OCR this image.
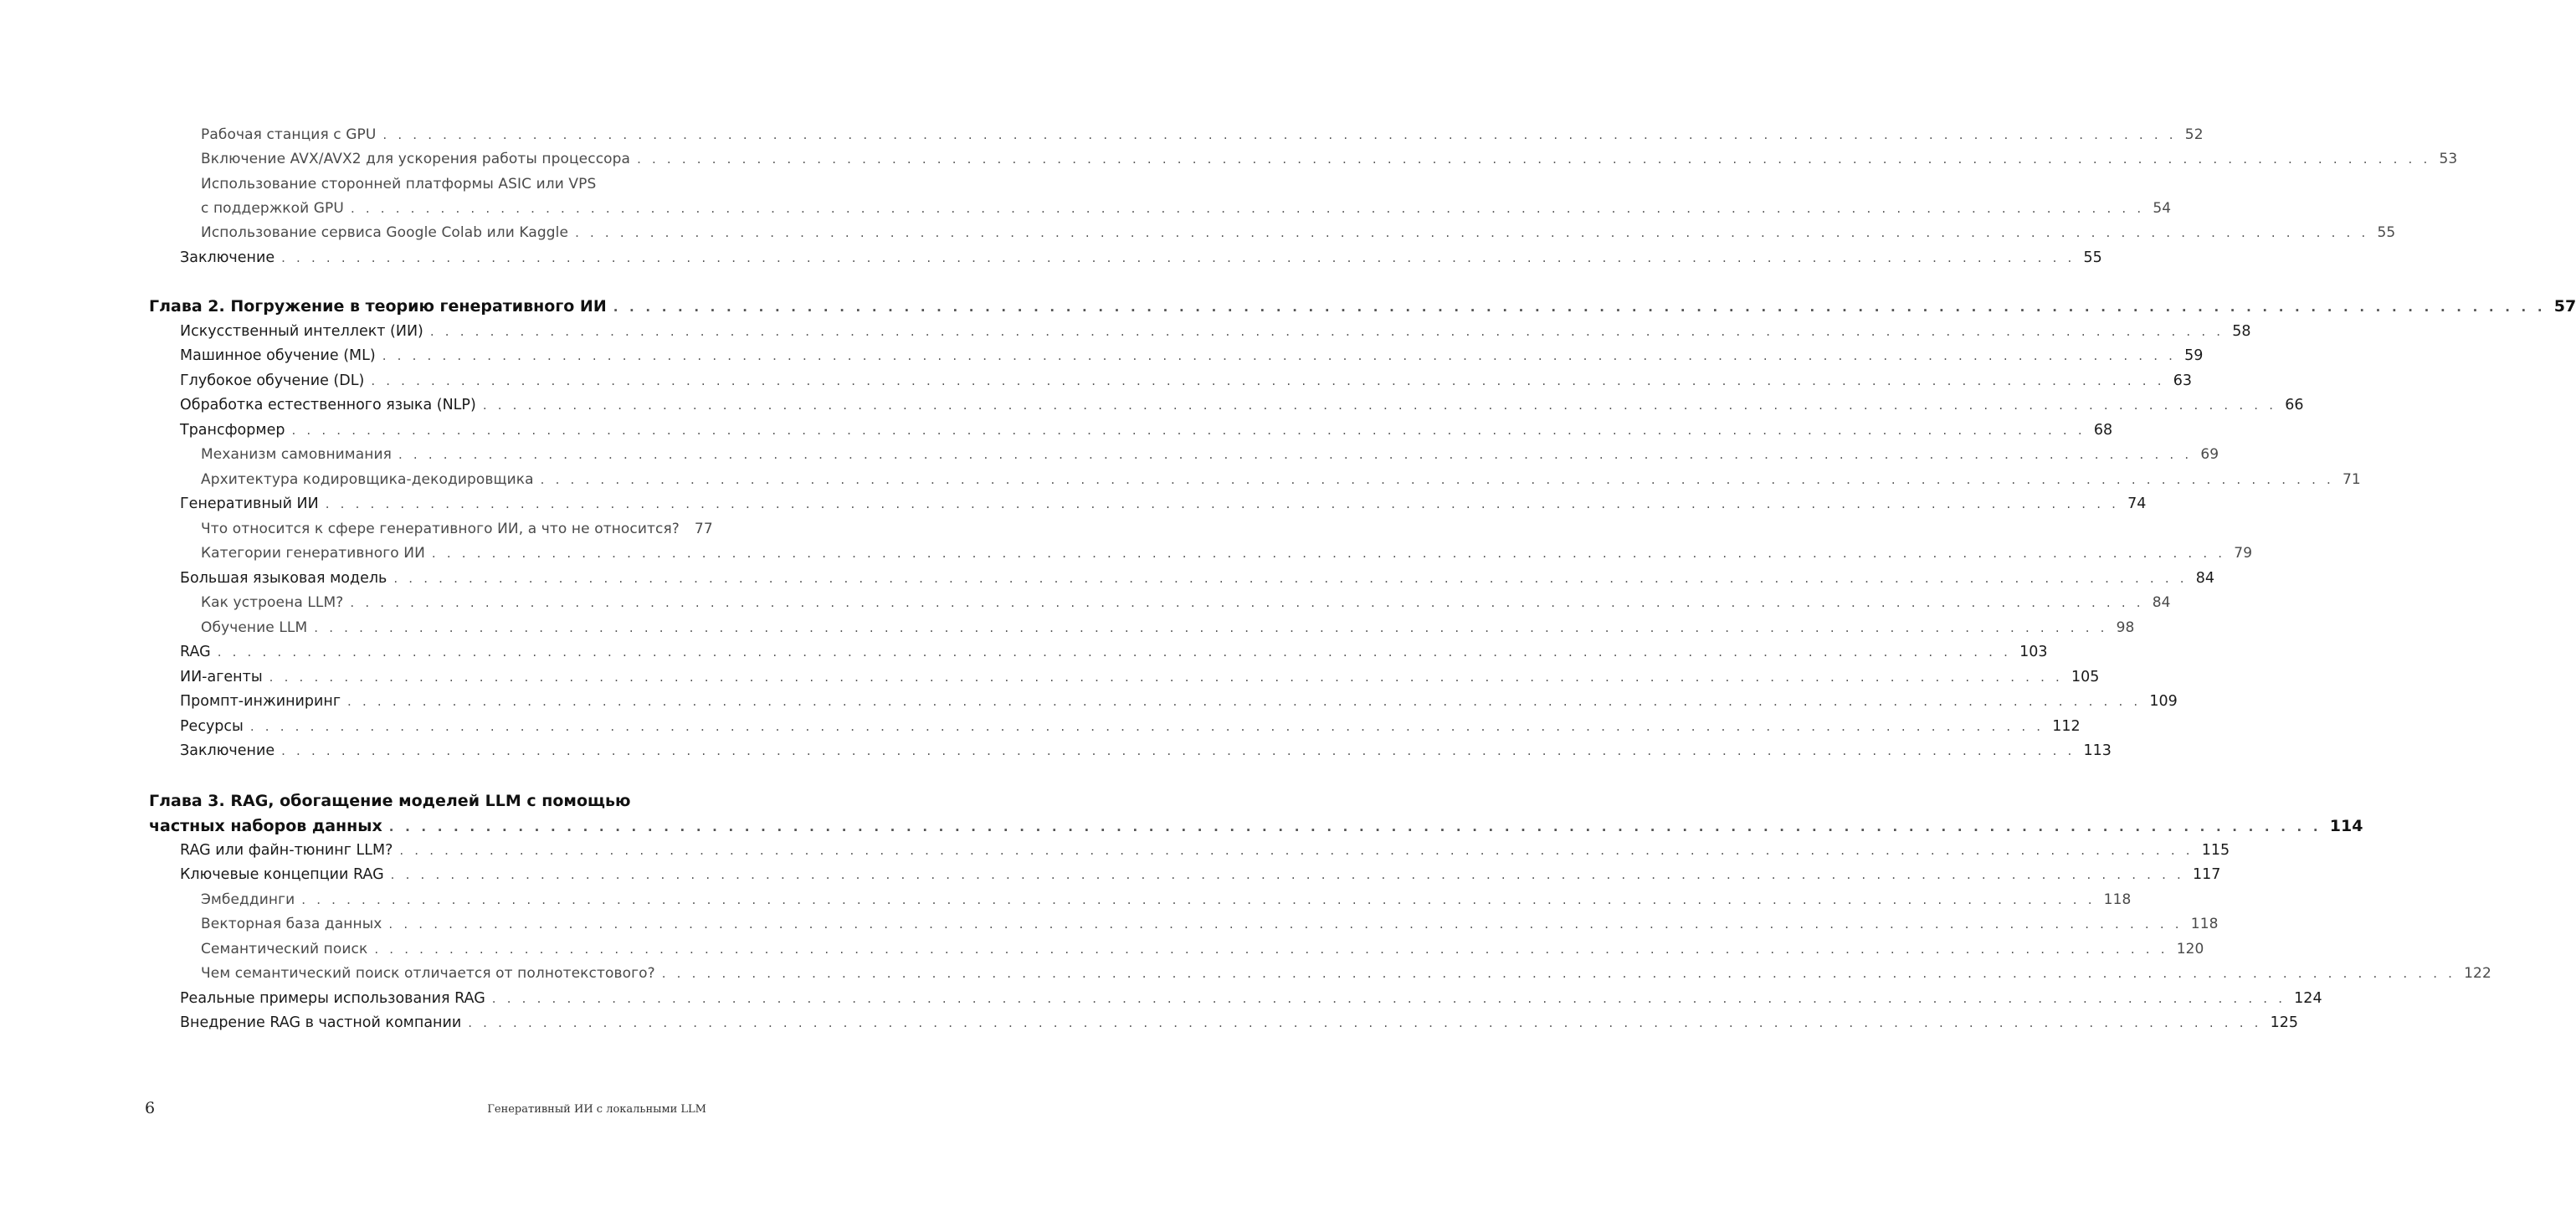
Рабочая станция с GPU . . . . . . . . . . . . . . . . . . . . . . . . . . . . . . . . . . . . . . . . . . . . . . . . . . . . . . . . . . . . . . . . . . . . . . . . . . . . . . . . . . . . . . . . . . . . . . . . . . . . . . . . . . . . . . . . . . . . . . . . 52
Включение AVX/AVX2 для ускорения работы процессора . . . . . . . . . . . . . . . . . . . . . . . . . . . . . . . . . . . . . . . . . . . . . . . . . . . . . . . . . . . . . . . . . . . . . . . . . . . . . . . . . . . . . . . . . . . . . . . . . . . . . . . . . . . . . . . . . . . . . . . . 53
Использование сторонней платформы ASIC или VPS
с поддержкой GPU . . . . . . . . . . . . . . . . . . . . . . . . . . . . . . . . . . . . . . . . . . . . . . . . . . . . . . . . . . . . . . . . . . . . . . . . . . . . . . . . . . . . . . . . . . . . . . . . . . . . . . . . . . . . . . . . . . . . . . . . 54
Использование сервиса Google Colab или Kaggle . . . . . . . . . . . . . . . . . . . . . . . . . . . . . . . . . . . . . . . . . . . . . . . . . . . . . . . . . . . . . . . . . . . . . . . . . . . . . . . . . . . . . . . . . . . . . . . . . . . . . . . . . . . . . . . . . . . . . . . . 55
Заключение . . . . . . . . . . . . . . . . . . . . . . . . . . . . . . . . . . . . . . . . . . . . . . . . . . . . . . . . . . . . . . . . . . . . . . . . . . . . . . . . . . . . . . . . . . . . . . . . . . . . . . . . . . . . . . . . . . . . . . . . 55
Глава 2. Погружение в теорию генеративного ИИ . . . . . . . . . . . . . . . . . . . . . . . . . . . . . . . . . . . . . . . . . . . . . . . . . . . . . . . . . . . . . . . . . . . . . . . . . . . . . . . . . . . . . . . . . . . . . . . . . . . . . . . . . . . . . . . . . . . . . . . . 57
Искусственный интеллект (ИИ) . . . . . . . . . . . . . . . . . . . . . . . . . . . . . . . . . . . . . . . . . . . . . . . . . . . . . . . . . . . . . . . . . . . . . . . . . . . . . . . . . . . . . . . . . . . . . . . . . . . . . . . . . . . . . . . . . . . . . . . . 58
Машинное обучение (ML) . . . . . . . . . . . . . . . . . . . . . . . . . . . . . . . . . . . . . . . . . . . . . . . . . . . . . . . . . . . . . . . . . . . . . . . . . . . . . . . . . . . . . . . . . . . . . . . . . . . . . . . . . . . . . . . . . . . . . . . . 59
Глубокое обучение (DL) . . . . . . . . . . . . . . . . . . . . . . . . . . . . . . . . . . . . . . . . . . . . . . . . . . . . . . . . . . . . . . . . . . . . . . . . . . . . . . . . . . . . . . . . . . . . . . . . . . . . . . . . . . . . . . . . . . . . . . . . 63
Обработка естественного языка (NLP) . . . . . . . . . . . . . . . . . . . . . . . . . . . . . . . . . . . . . . . . . . . . . . . . . . . . . . . . . . . . . . . . . . . . . . . . . . . . . . . . . . . . . . . . . . . . . . . . . . . . . . . . . . . . . . . . . . . . . . . . 66
Трансформер . . . . . . . . . . . . . . . . . . . . . . . . . . . . . . . . . . . . . . . . . . . . . . . . . . . . . . . . . . . . . . . . . . . . . . . . . . . . . . . . . . . . . . . . . . . . . . . . . . . . . . . . . . . . . . . . . . . . . . . . 68
Механизм самовнимания . . . . . . . . . . . . . . . . . . . . . . . . . . . . . . . . . . . . . . . . . . . . . . . . . . . . . . . . . . . . . . . . . . . . . . . . . . . . . . . . . . . . . . . . . . . . . . . . . . . . . . . . . . . . . . . . . . . . . . . . 69
Архитектура кодировщика-декодировщика . . . . . . . . . . . . . . . . . . . . . . . . . . . . . . . . . . . . . . . . . . . . . . . . . . . . . . . . . . . . . . . . . . . . . . . . . . . . . . . . . . . . . . . . . . . . . . . . . . . . . . . . . . . . . . . . . . . . . . . . 71
Генеративный ИИ . . . . . . . . . . . . . . . . . . . . . . . . . . . . . . . . . . . . . . . . . . . . . . . . . . . . . . . . . . . . . . . . . . . . . . . . . . . . . . . . . . . . . . . . . . . . . . . . . . . . . . . . . . . . . . . . . . . . . . . . 74
Что относится к сфере генеративного ИИ, а что не относится?	77
Категории генеративного ИИ . . . . . . . . . . . . . . . . . . . . . . . . . . . . . . . . . . . . . . . . . . . . . . . . . . . . . . . . . . . . . . . . . . . . . . . . . . . . . . . . . . . . . . . . . . . . . . . . . . . . . . . . . . . . . . . . . . . . . . . . 79
Большая языковая модель . . . . . . . . . . . . . . . . . . . . . . . . . . . . . . . . . . . . . . . . . . . . . . . . . . . . . . . . . . . . . . . . . . . . . . . . . . . . . . . . . . . . . . . . . . . . . . . . . . . . . . . . . . . . . . . . . . . . . . . . 84
Как устроена LLM? . . . . . . . . . . . . . . . . . . . . . . . . . . . . . . . . . . . . . . . . . . . . . . . . . . . . . . . . . . . . . . . . . . . . . . . . . . . . . . . . . . . . . . . . . . . . . . . . . . . . . . . . . . . . . . . . . . . . . . . . 84
Обучение LLM . . . . . . . . . . . . . . . . . . . . . . . . . . . . . . . . . . . . . . . . . . . . . . . . . . . . . . . . . . . . . . . . . . . . . . . . . . . . . . . . . . . . . . . . . . . . . . . . . . . . . . . . . . . . . . . . . . . . . . . . 98
RAG . . . . . . . . . . . . . . . . . . . . . . . . . . . . . . . . . . . . . . . . . . . . . . . . . . . . . . . . . . . . . . . . . . . . . . . . . . . . . . . . . . . . . . . . . . . . . . . . . . . . . . . . . . . . . . . . . . . . . . . . 103
ИИ-агенты . . . . . . . . . . . . . . . . . . . . . . . . . . . . . . . . . . . . . . . . . . . . . . . . . . . . . . . . . . . . . . . . . . . . . . . . . . . . . . . . . . . . . . . . . . . . . . . . . . . . . . . . . . . . . . . . . . . . . . . . 105
Промпт-инжиниринг . . . . . . . . . . . . . . . . . . . . . . . . . . . . . . . . . . . . . . . . . . . . . . . . . . . . . . . . . . . . . . . . . . . . . . . . . . . . . . . . . . . . . . . . . . . . . . . . . . . . . . . . . . . . . . . . . . . . . . . . 109
Ресурсы . . . . . . . . . . . . . . . . . . . . . . . . . . . . . . . . . . . . . . . . . . . . . . . . . . . . . . . . . . . . . . . . . . . . . . . . . . . . . . . . . . . . . . . . . . . . . . . . . . . . . . . . . . . . . . . . . . . . . . . . 112
Заключение . . . . . . . . . . . . . . . . . . . . . . . . . . . . . . . . . . . . . . . . . . . . . . . . . . . . . . . . . . . . . . . . . . . . . . . . . . . . . . . . . . . . . . . . . . . . . . . . . . . . . . . . . . . . . . . . . . . . . . . . 113
Глава 3. RAG, обогащение моделей LLM с помощью
частных наборов данных . . . . . . . . . . . . . . . . . . . . . . . . . . . . . . . . . . . . . . . . . . . . . . . . . . . . . . . . . . . . . . . . . . . . . . . . . . . . . . . . . . . . . . . . . . . . . . . . . . . . . . . . . . . . . . . . . . . . . . . . 114
RAG или файн-тюнинг LLM? . . . . . . . . . . . . . . . . . . . . . . . . . . . . . . . . . . . . . . . . . . . . . . . . . . . . . . . . . . . . . . . . . . . . . . . . . . . . . . . . . . . . . . . . . . . . . . . . . . . . . . . . . . . . . . . . . . . . . . . . 115
Ключевые концепции RAG . . . . . . . . . . . . . . . . . . . . . . . . . . . . . . . . . . . . . . . . . . . . . . . . . . . . . . . . . . . . . . . . . . . . . . . . . . . . . . . . . . . . . . . . . . . . . . . . . . . . . . . . . . . . . . . . . . . . . . . . 117
Эмбеддинги . . . . . . . . . . . . . . . . . . . . . . . . . . . . . . . . . . . . . . . . . . . . . . . . . . . . . . . . . . . . . . . . . . . . . . . . . . . . . . . . . . . . . . . . . . . . . . . . . . . . . . . . . . . . . . . . . . . . . . . . 118
Векторная база данных . . . . . . . . . . . . . . . . . . . . . . . . . . . . . . . . . . . . . . . . . . . . . . . . . . . . . . . . . . . . . . . . . . . . . . . . . . . . . . . . . . . . . . . . . . . . . . . . . . . . . . . . . . . . . . . . . . . . . . . . 118
Семантический поиск . . . . . . . . . . . . . . . . . . . . . . . . . . . . . . . . . . . . . . . . . . . . . . . . . . . . . . . . . . . . . . . . . . . . . . . . . . . . . . . . . . . . . . . . . . . . . . . . . . . . . . . . . . . . . . . . . . . . . . . . 120
Чем семантический поиск отличается от полнотекстового? . . . . . . . . . . . . . . . . . . . . . . . . . . . . . . . . . . . . . . . . . . . . . . . . . . . . . . . . . . . . . . . . . . . . . . . . . . . . . . . . . . . . . . . . . . . . . . . . . . . . . . . . . . . . . . . . . . . . . . . . 122
Реальные примеры использования RAG . . . . . . . . . . . . . . . . . . . . . . . . . . . . . . . . . . . . . . . . . . . . . . . . . . . . . . . . . . . . . . . . . . . . . . . . . . . . . . . . . . . . . . . . . . . . . . . . . . . . . . . . . . . . . . . . . . . . . . . . 124
Внедрение RAG в частной компании . . . . . . . . . . . . . . . . . . . . . . . . . . . . . . . . . . . . . . . . . . . . . . . . . . . . . . . . . . . . . . . . . . . . . . . . . . . . . . . . . . . . . . . . . . . . . . . . . . . . . . . . . . . . . . . . . . . . . . . . 125
6	Генеративный ИИ с локальными LLM
